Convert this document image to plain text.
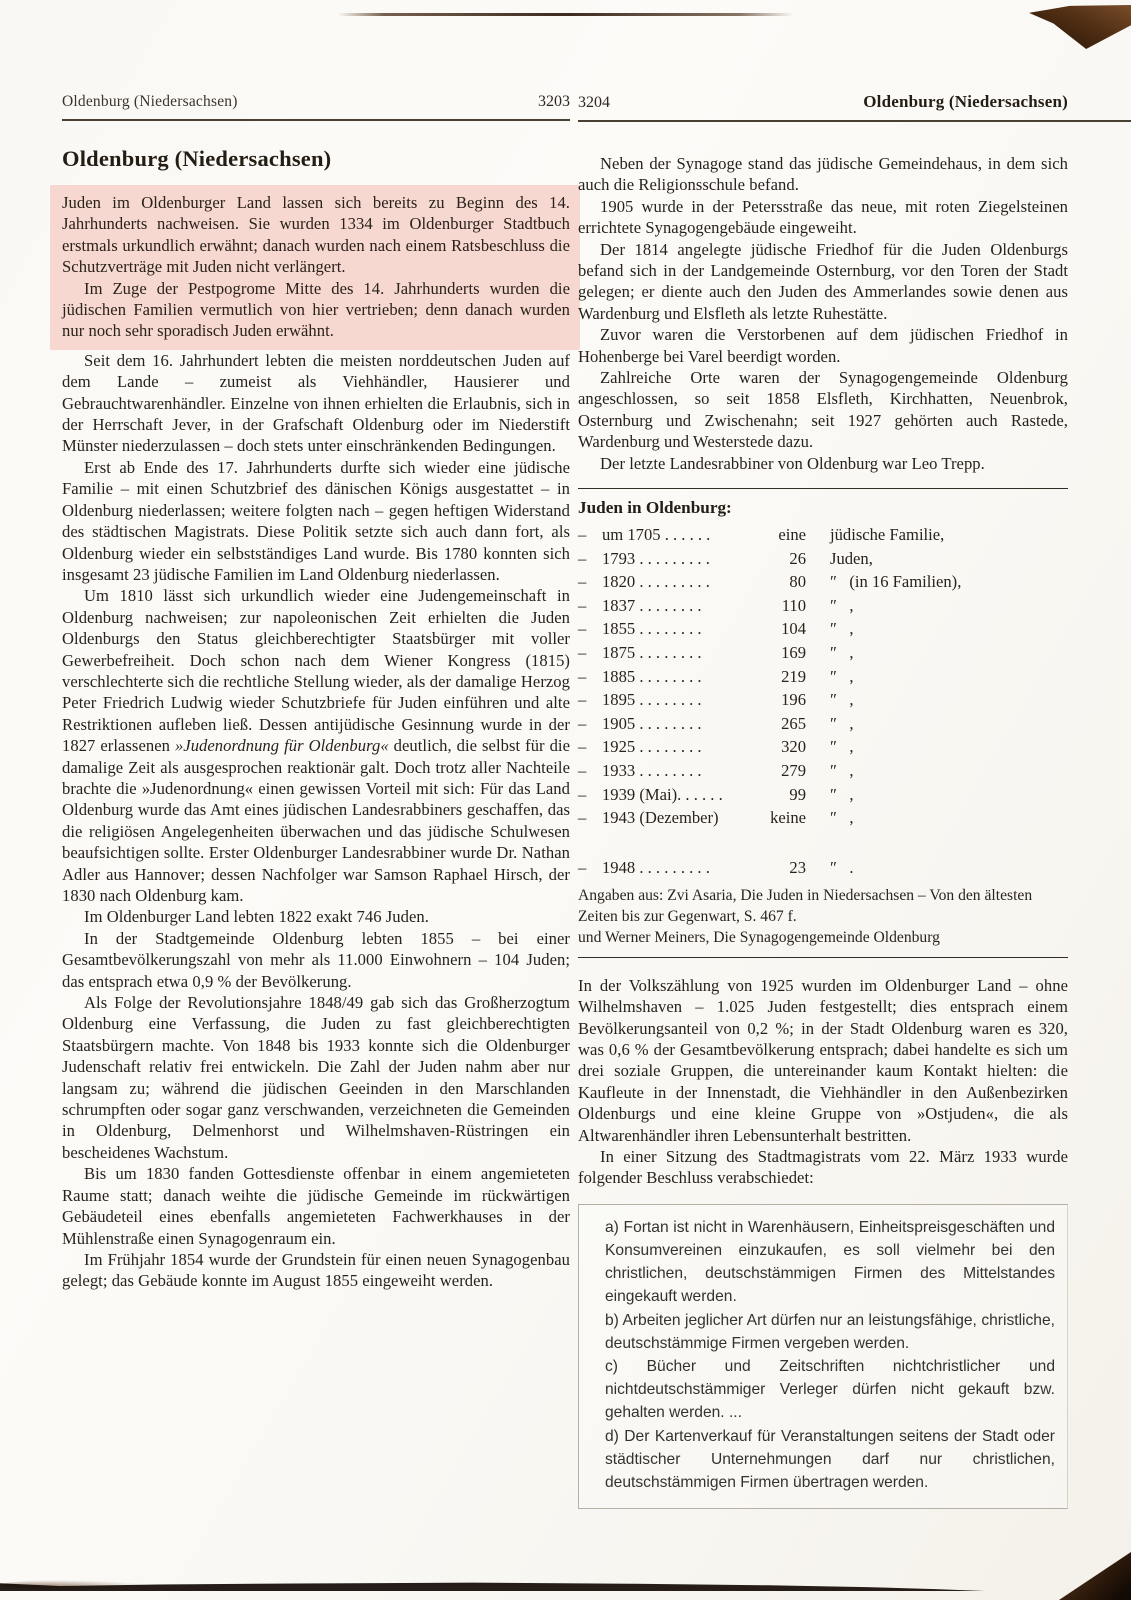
Oldenburg (Niedersachsen)	3203
Oldenburg (Niedersachsen)

Juden im Oldenburger Land lassen sich bereits zu Beginn des 14. Jahrhunderts nachweisen. Sie wurden 1334 im Oldenburger Stadtbuch erstmals urkundlich erwähnt; danach wurden nach einem Ratsbeschluss die Schutzverträge mit Juden nicht verlängert.

Im Zuge der Pestpogrome Mitte des 14. Jahrhunderts wurden die jüdischen Familien vermutlich von hier vertrieben; denn danach wurden nur noch sehr sporadisch Juden erwähnt.

Seit dem 16. Jahrhundert lebten die meisten norddeutschen Juden auf dem Lande – zumeist als Viehhändler, Hausierer und Gebrauchtwarenhändler. Einzelne von ihnen erhielten die Erlaubnis, sich in der Herrschaft Jever, in der Grafschaft Oldenburg oder im Niederstift Münster niederzulassen – doch stets unter einschränkenden Bedingungen.

Erst ab Ende des 17. Jahrhunderts durfte sich wieder eine jüdische Familie – mit einen Schutzbrief des dänischen Königs ausgestattet – in Oldenburg niederlassen; weitere folgten nach – gegen heftigen Widerstand des städtischen Magistrats. Diese Politik setzte sich auch dann fort, als Oldenburg wieder ein selbstständiges Land wurde. Bis 1780 konnten sich insgesamt 23 jüdische Familien im Land Oldenburg niederlassen.

Um 1810 lässt sich urkundlich wieder eine Judengemeinschaft in Oldenburg nachweisen; zur napoleonischen Zeit erhielten die Juden Oldenburgs den Status gleichberechtigter Staatsbürger mit voller Gewerbefreiheit. Doch schon nach dem Wiener Kongress (1815) verschlechterte sich die rechtliche Stellung wieder, als der damalige Herzog Peter Friedrich Ludwig wieder Schutzbriefe für Juden einführen und alte Restriktionen aufleben ließ. Dessen antijüdische Gesinnung wurde in der 1827 erlassenen »Judenordnung für Oldenburg« deutlich, die selbst für die damalige Zeit als ausgesprochen reaktionär galt. Doch trotz aller Nachteile brachte die »Judenordnung« einen gewissen Vorteil mit sich: Für das Land Oldenburg wurde das Amt eines jüdischen Landesrabbiners geschaffen, das die religiösen Angelegenheiten überwachen und das jüdische Schulwesen beaufsichtigen sollte. Erster Oldenburger Landesrabbiner wurde Dr. Nathan Adler aus Hannover; dessen Nachfolger war Samson Raphael Hirsch, der 1830 nach Oldenburg kam.

Im Oldenburger Land lebten 1822 exakt 746 Juden.

In der Stadtgemeinde Oldenburg lebten 1855 – bei einer Gesamtbevölkerungszahl von mehr als 11.000 Einwohnern – 104 Juden; das entsprach etwa 0,9 % der Bevölkerung.

Als Folge der Revolutionsjahre 1848/49 gab sich das Großherzogtum Oldenburg eine Verfassung, die Juden zu fast gleichberechtigten Staatsbürgern machte. Von 1848 bis 1933 konnte sich die Oldenburger Judenschaft relativ frei entwickeln. Die Zahl der Juden nahm aber nur langsam zu; während die jüdischen Geeinden in den Marschlanden schrumpften oder sogar ganz verschwanden, verzeichneten die Gemeinden in Oldenburg, Delmenhorst und Wilhelmshaven-Rüstringen ein bescheidenes Wachstum.

Bis um 1830 fanden Gottesdienste offenbar in einem angemieteten Raume statt; danach weihte die jüdische Gemeinde im rückwärtigen Gebäudeteil eines ebenfalls angemieteten Fachwerkhauses in der Mühlenstraße einen Synagogenraum ein.

Im Frühjahr 1854 wurde der Grundstein für einen neuen Synagogenbau gelegt; das Gebäude konnte im August 1855 eingeweiht werden.

3204	Oldenburg (Niedersachsen)

Neben der Synagoge stand das jüdische Gemeindehaus, in dem sich auch die Religionsschule befand.

1905 wurde in der Petersstraße das neue, mit roten Ziegelsteinen errichtete Synagogengebäude eingeweiht.

Der 1814 angelegte jüdische Friedhof für die Juden Oldenburgs befand sich in der Landgemeinde Osternburg, vor den Toren der Stadt gelegen; er diente auch den Juden des Ammerlandes sowie denen aus Wardenburg und Elsfleth als letzte Ruhestätte.

Zuvor waren die Verstorbenen auf dem jüdischen Friedhof in Hohenberge bei Varel beerdigt worden.

Zahlreiche Orte waren der Synagogengemeinde Oldenburg angeschlossen, so seit 1858 Elsfleth, Kirchhatten, Neuenbrok, Osternburg und Zwischenahn; seit 1927 gehörten auch Rastede, Wardenburg und Westerstede dazu.

Der letzte Landesrabbiner von Oldenburg war Leo Trepp.

Juden in Oldenburg:
– um 1705 . . . . . .	eine	jüdische Familie,
– 1793 . . . . . . . . .	26	Juden,
– 1820 . . . . . . . . .	80	″   (in 16 Familien),
– 1837 . . . . . . . .	110	″   ,
– 1855 . . . . . . . .	104	″   ,
– 1875 . . . . . . . .	169	″   ,
– 1885 . . . . . . . .	219	″   ,
– 1895 . . . . . . . .	196	″   ,
– 1905 . . . . . . . .	265	″   ,
– 1925 . . . . . . . .	320	″   ,
– 1933 . . . . . . . .	279	″   ,
– 1939 (Mai). . . . . .	99	″   ,
– 1943 (Dezember)	keine	″   ,
– 1948 . . . . . . . . .	23	″   .
Angaben aus: Zvi Asaria, Die Juden in Niedersachsen – Von den ältesten Zeiten bis zur Gegenwart, S. 467 f.
und Werner Meiners, Die Synagogengemeinde Oldenburg

In der Volkszählung von 1925 wurden im Oldenburger Land – ohne Wilhelmshaven – 1.025 Juden festgestellt; dies entsprach einem Bevölkerungsanteil von 0,2 %; in der Stadt Oldenburg waren es 320, was 0,6 % der Gesamtbevölkerung entsprach; dabei handelte es sich um drei soziale Gruppen, die untereinander kaum Kontakt hielten: die Kaufleute in der Innenstadt, die Viehhändler in den Außenbezirken Oldenburgs und eine kleine Gruppe von »Ostjuden«, die als Altwarenhändler ihren Lebensunterhalt bestritten.

In einer Sitzung des Stadtmagistrats vom 22. März 1933 wurde folgender Beschluss verabschiedet:

a) Fortan ist nicht in Warenhäusern, Einheitspreisgeschäften und Konsumvereinen einzukaufen, es soll vielmehr bei den christlichen, deutschstämmigen Firmen des Mittelstandes eingekauft werden.
b) Arbeiten jeglicher Art dürfen nur an leistungsfähige, christliche, deutschstämmige Firmen vergeben werden.
c) Bücher und Zeitschriften nichtchristlicher und nichtdeutschstämmiger Verleger dürfen nicht gekauft bzw. gehalten werden. ...
d) Der Kartenverkauf für Veranstaltungen seitens der Stadt oder städtischer Unternehmungen darf nur christlichen, deutschstämmigen Firmen übertragen werden.
